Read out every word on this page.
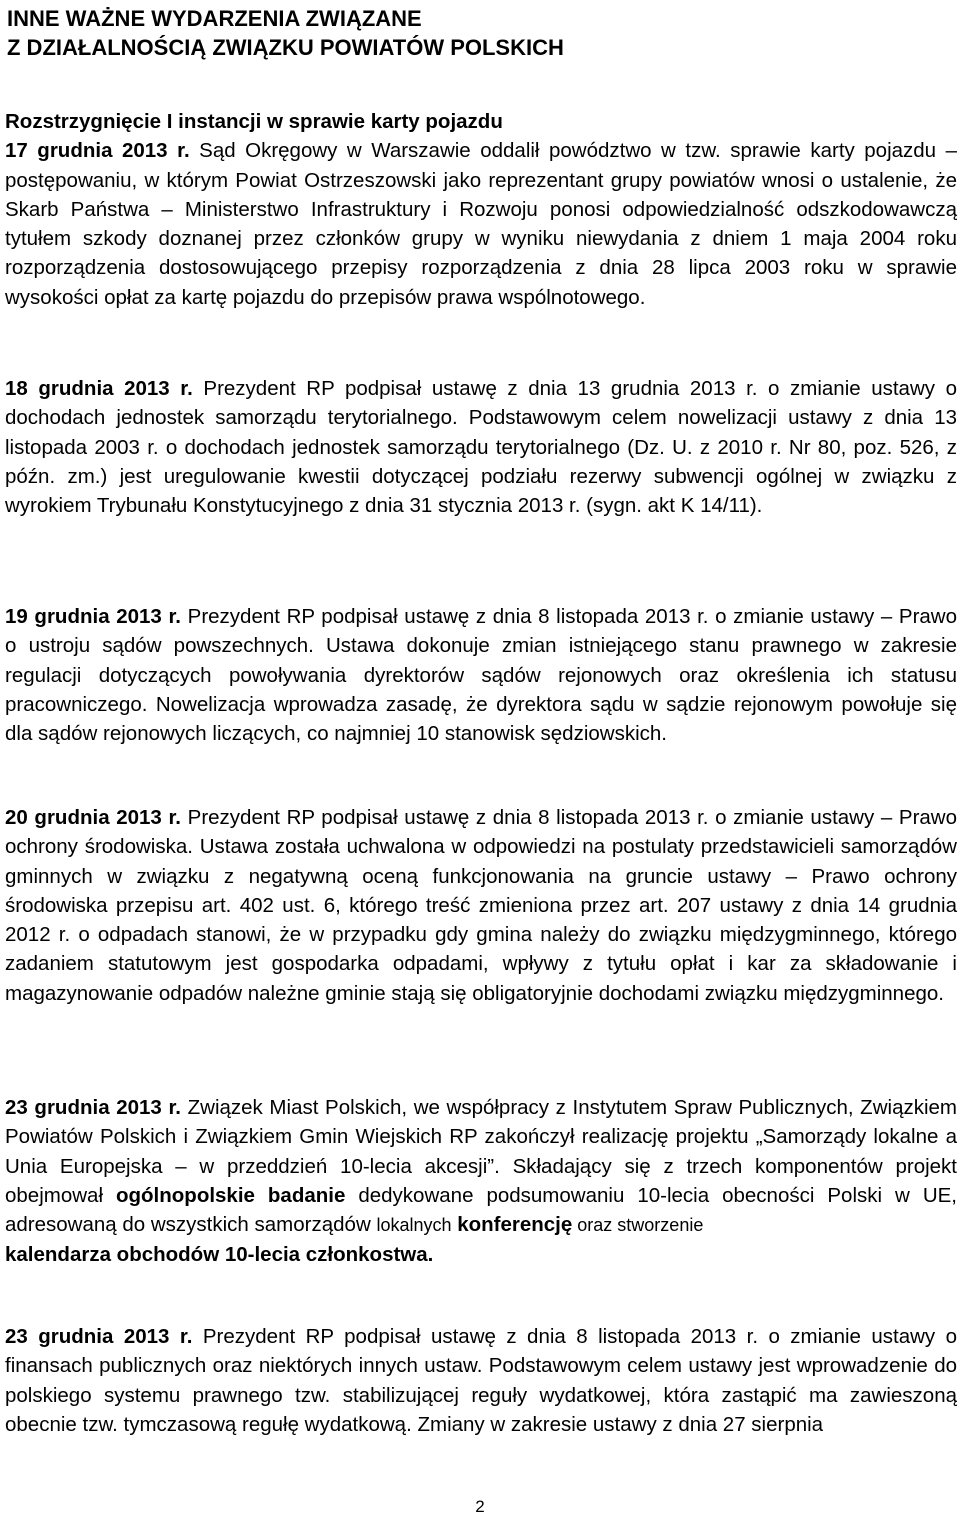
INNE WAŻNE WYDARZENIA ZWIĄZANE
Z DZIAŁALNOŚCIĄ ZWIĄZKU POWIATÓW POLSKICH
Rozstrzygnięcie I instancji w sprawie karty pojazdu
17 grudnia 2013 r. Sąd Okręgowy w Warszawie oddalił powództwo w tzw. sprawie karty pojazdu – postępowaniu, w którym Powiat Ostrzeszowski jako reprezentant grupy powiatów wnosi o ustalenie, że Skarb Państwa – Ministerstwo Infrastruktury i Rozwoju ponosi odpowiedzialność odszkodowawczą tytułem szkody doznanej przez członków grupy w wyniku niewydania z dniem 1 maja 2004 roku rozporządzenia dostosowującego przepisy rozporządzenia z dnia 28 lipca 2003 roku w sprawie wysokości opłat za kartę pojazdu do przepisów prawa wspólnotowego.
18 grudnia 2013 r. Prezydent RP podpisał ustawę z dnia 13 grudnia 2013 r. o zmianie ustawy o dochodach jednostek samorządu terytorialnego. Podstawowym celem nowelizacji ustawy z dnia 13 listopada 2003 r. o dochodach jednostek samorządu terytorialnego (Dz. U. z 2010 r. Nr 80, poz. 526, z późn. zm.) jest uregulowanie kwestii dotyczącej podziału rezerwy subwencji ogólnej w związku z wyrokiem Trybunału Konstytucyjnego z dnia 31 stycznia 2013 r. (sygn. akt K 14/11).
19 grudnia 2013 r. Prezydent RP podpisał ustawę z dnia 8 listopada 2013 r. o zmianie ustawy – Prawo o ustroju sądów powszechnych. Ustawa dokonuje zmian istniejącego stanu prawnego w zakresie regulacji dotyczących powoływania dyrektorów sądów rejonowych oraz określenia ich statusu pracowniczego. Nowelizacja wprowadza zasadę, że dyrektora sądu w sądzie rejonowym powołuje się dla sądów rejonowych liczących, co najmniej 10 stanowisk sędziowskich.
20 grudnia 2013 r. Prezydent RP podpisał ustawę z dnia 8 listopada 2013 r. o zmianie ustawy – Prawo ochrony środowiska. Ustawa została uchwalona w odpowiedzi na postulaty przedstawicieli samorządów gminnych w związku z negatywną oceną funkcjonowania na gruncie ustawy – Prawo ochrony środowiska przepisu art. 402 ust. 6, którego treść zmieniona przez art. 207 ustawy z dnia 14 grudnia 2012 r. o odpadach stanowi, że w przypadku gdy gmina należy do związku międzygminnego, którego zadaniem statutowym jest gospodarka odpadami, wpływy z tytułu opłat i kar za składowanie i magazynowanie odpadów należne gminie stają się obligatoryjnie dochodami związku międzygminnego.
23 grudnia 2013 r. Związek Miast Polskich, we współpracy z Instytutem Spraw Publicznych, Związkiem Powiatów Polskich i Związkiem Gmin Wiejskich RP zakończył realizację projektu „Samorządy lokalne a Unia Europejska – w przeddzień 10-lecia akcesji”. Składający się z trzech komponentów projekt obejmował ogólnopolskie badanie dedykowane podsumowaniu 10-lecia obecności Polski w UE, adresowaną do wszystkich samorządów lokalnych konferencję oraz stworzenie
kalendarza obchodów 10-lecia członkostwa.
23 grudnia 2013 r. Prezydent RP podpisał ustawę z dnia 8 listopada 2013 r. o zmianie ustawy o finansach publicznych oraz niektórych innych ustaw. Podstawowym celem ustawy jest wprowadzenie do polskiego systemu prawnego tzw. stabilizującej reguły wydatkowej, która zastąpić ma zawieszoną obecnie tzw. tymczasową regułę wydatkową. Zmiany w zakresie ustawy z dnia 27 sierpnia
2
